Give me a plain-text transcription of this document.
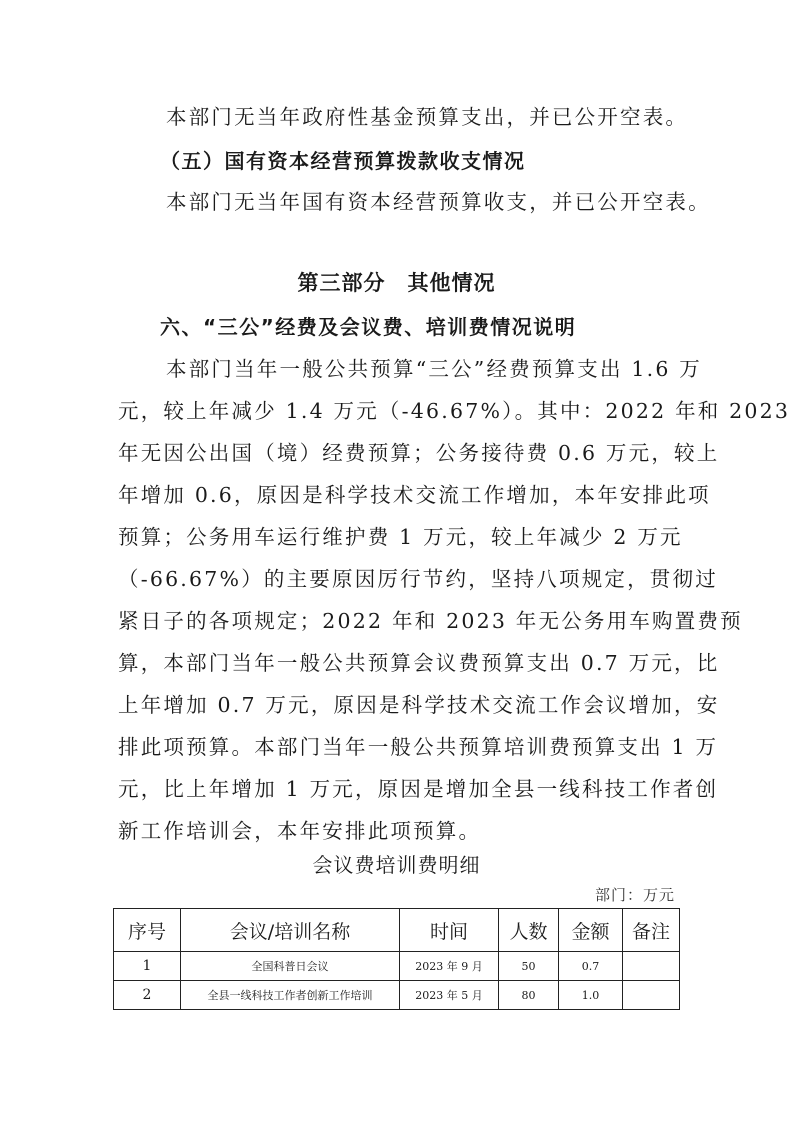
本部门无当年政府性基金预算支出，并已公开空表。
（五）国有资本经营预算拨款收支情况
本部门无当年国有资本经营预算收支，并已公开空表。
第三部分　其他情况
六、“三公”经费及会议费、培训费情况说明
本部门当年一般公共预算“三公”经费预算支出 1.6 万
元，较上年减少 1.4 万元（-46.67%）。其中：2022 年和 2023
年无因公出国（境）经费预算；公务接待费 0.6 万元，较上
年增加 0.6，原因是科学技术交流工作增加，本年安排此项
预算；公务用车运行维护费 1 万元，较上年减少 2 万元
（-66.67%）的主要原因厉行节约，坚持八项规定，贯彻过
紧日子的各项规定；2022 年和 2023 年无公务用车购置费预
算，本部门当年一般公共预算会议费预算支出 0.7 万元，比
上年增加 0.7 万元，原因是科学技术交流工作会议增加，安
排此项预算。本部门当年一般公共预算培训费预算支出 1 万
元，比上年增加 1 万元，原因是增加全县一线科技工作者创
新工作培训会，本年安排此项预算。
会议费培训费明细
部门：万元
序号	会议/培训名称	时间	人数	金额	备注
1	全国科普日会议	2023 年 9 月	50	0.7	
2	全县一线科技工作者创新工作培训	2023 年 5 月	80	1.0	
